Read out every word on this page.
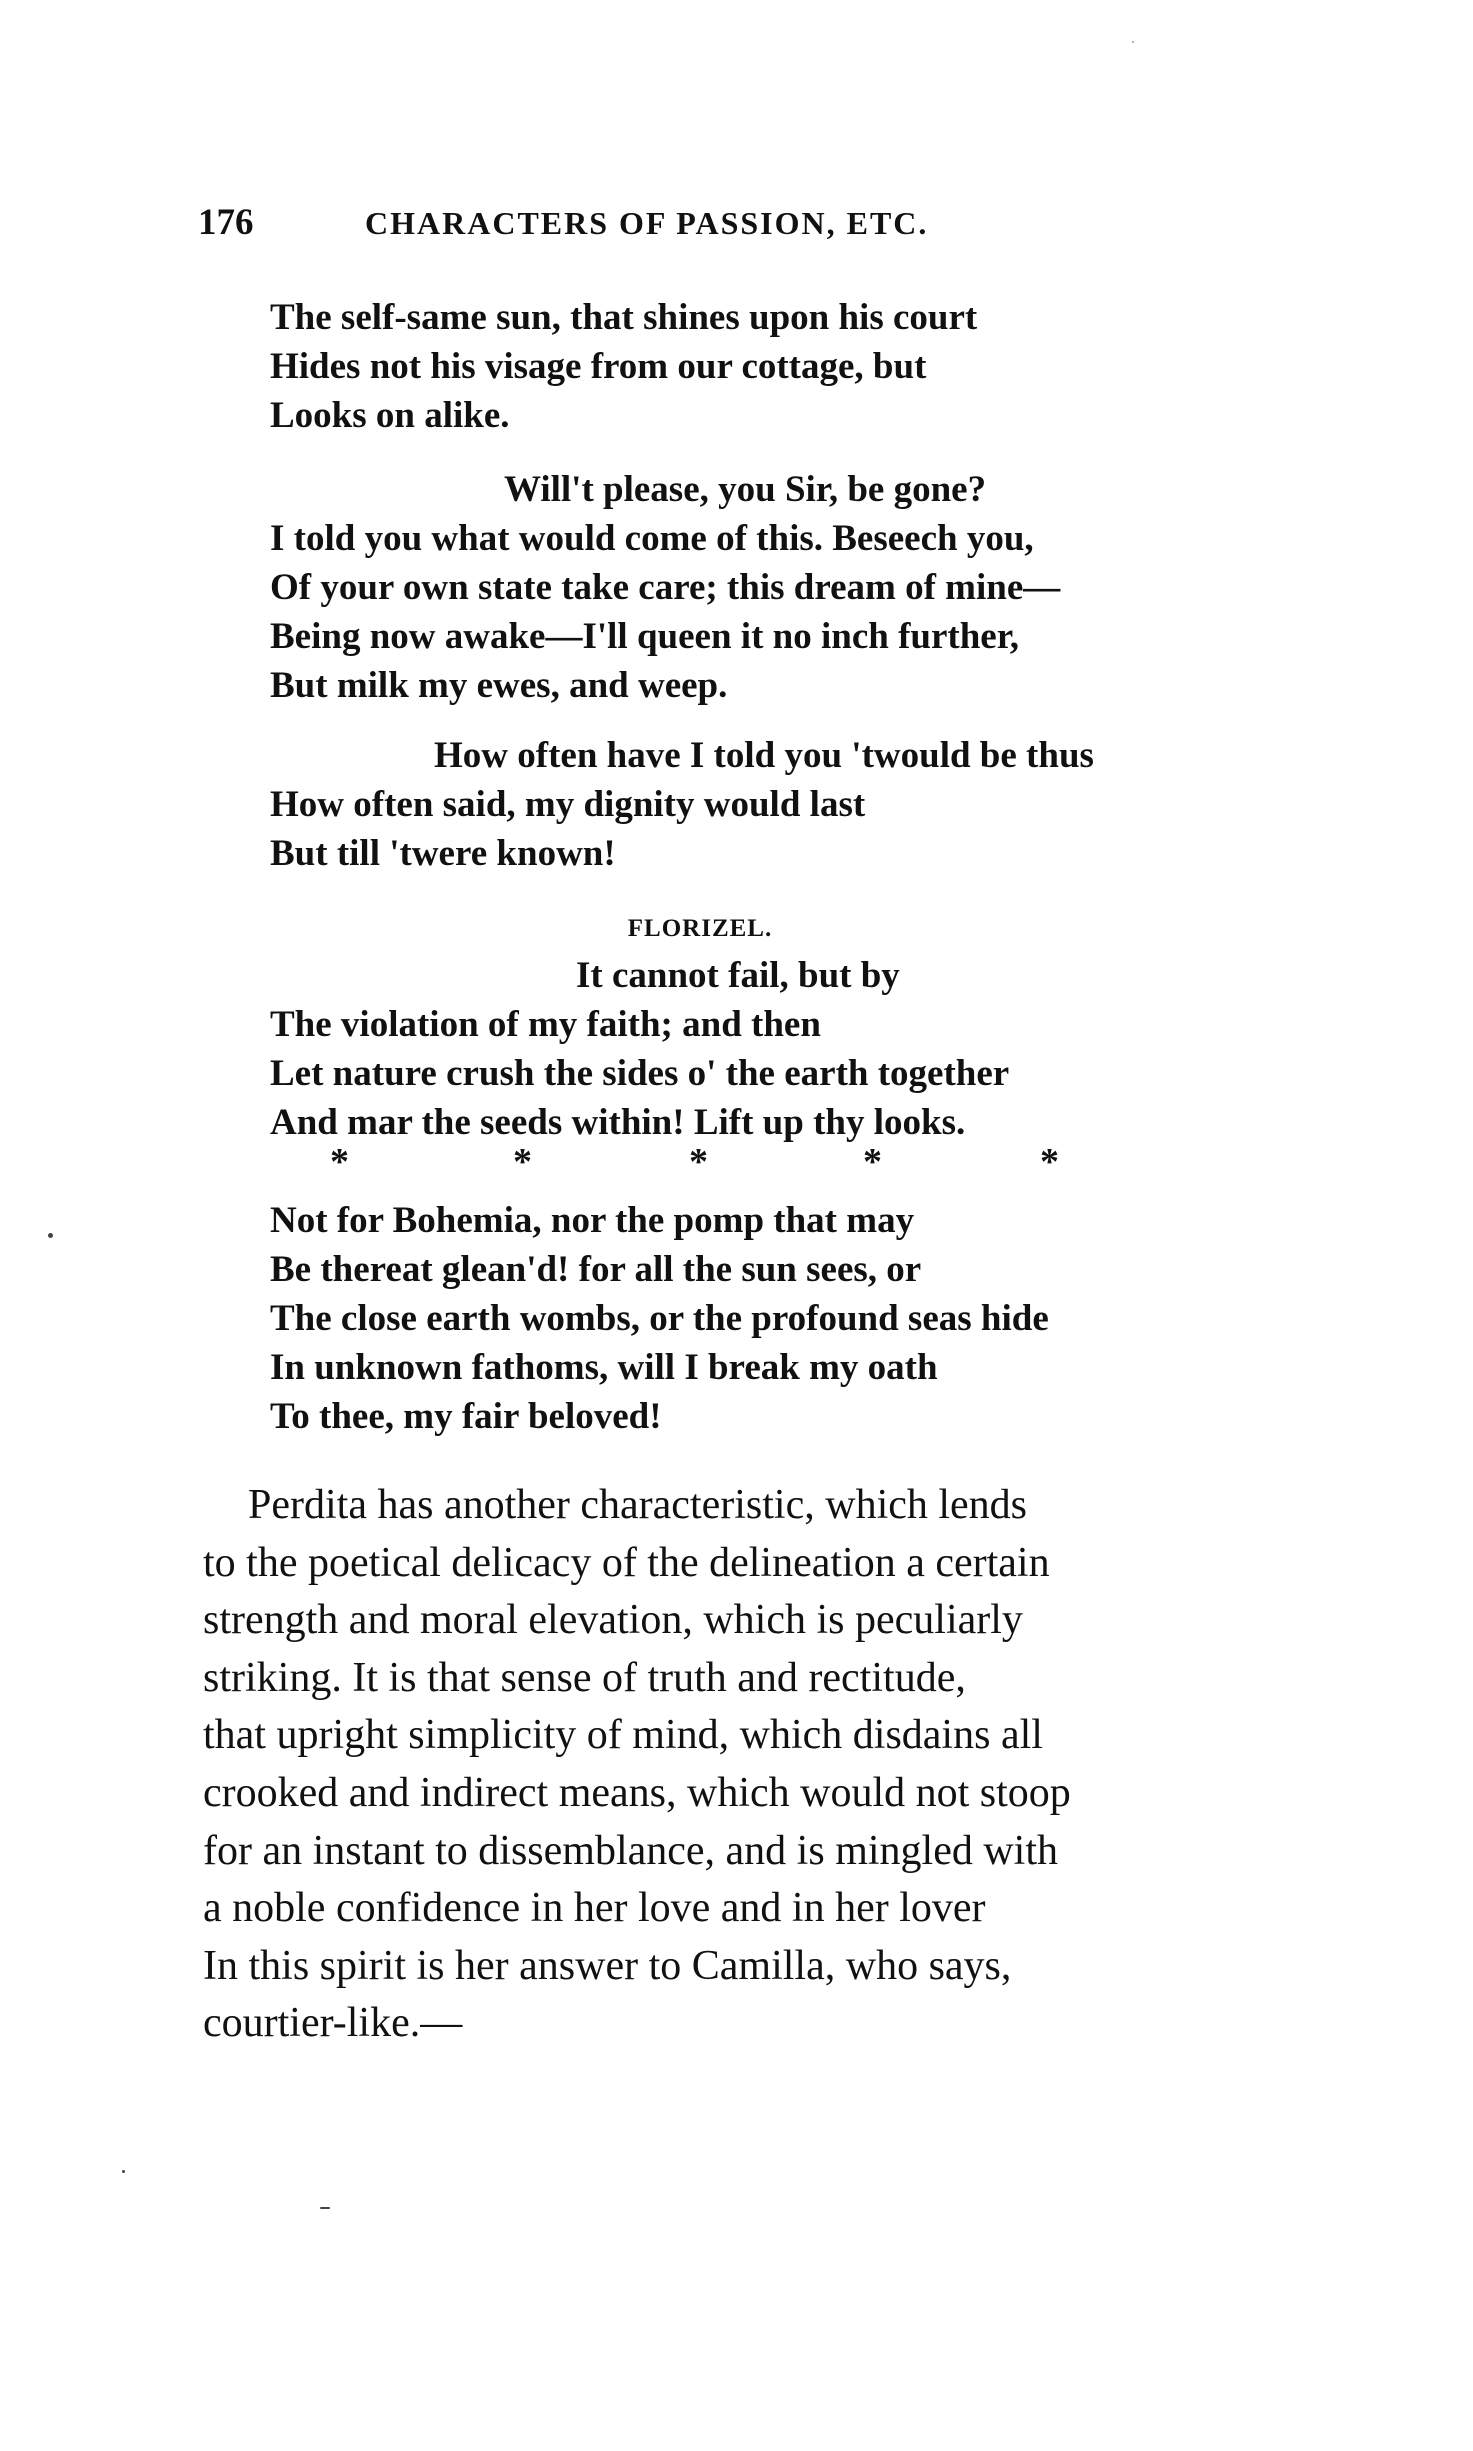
176	CHARACTERS OF PASSION, ETC.
The self-same sun, that shines upon his court
Hides not his visage from our cottage, but
Looks on alike.
Will't please, you Sir, be gone?
I told you what would come of this. Beseech you,
Of your own state take care; this dream of mine—
Being now awake—I'll queen it no inch further,
But milk my ewes, and weep.
How often have I told you 'twould be thus
How often said, my dignity would last
But till 'twere known!
FLORIZEL.
It cannot fail, but by
The violation of my faith; and then
Let nature crush the sides o' the earth together
And mar the seeds within! Lift up thy looks.
*	*	*	*	*
Not for Bohemia, nor the pomp that may
Be thereat glean'd! for all the sun sees, or
The close earth wombs, or the profound seas hide
In unknown fathoms, will I break my oath
To thee, my fair beloved!
Perdita has another characteristic, which lends
to the poetical delicacy of the delineation a certain
strength and moral elevation, which is peculiarly
striking. It is that sense of truth and rectitude,
that upright simplicity of mind, which disdains all
crooked and indirect means, which would not stoop
for an instant to dissemblance, and is mingled with
a noble confidence in her love and in her lover
In this spirit is her answer to Camilla, who says,
courtier-like.—
